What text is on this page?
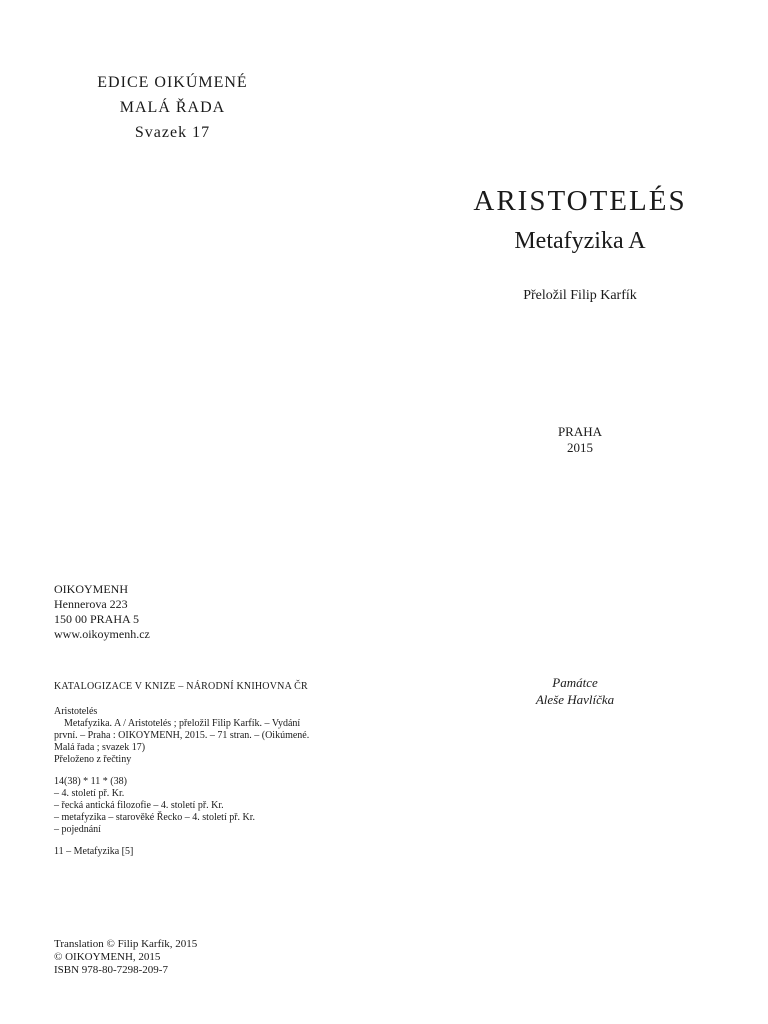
EDICE OIKÚMENÉ
MALÁ ŘADA
Svazek 17
ARISTOTELÉS
Metafyzika A
Přeložil Filip Karfík
PRAHA
2015
OIKOYMENH
Hennerova 223
150 00 PRAHA 5
www.oikoymenh.cz
KATALOGIZACE V KNIZE – NÁRODNÍ KNIHOVNA ČR
Aristotelés
Metafyzika. A / Aristotelés ; přeložil Filip Karfík. – Vydání
první. – Praha : OIKOYMENH, 2015. – 71 stran. – (Oikúmené.
Malá řada ; svazek 17)
Přeloženo z řečtiny
14(38) * 11 * (38)
– 4. století př. Kr.
– řecká antická filozofie – 4. století př. Kr.
– metafyzika – starověké Řecko – 4. století př. Kr.
– pojednání
11 – Metafyzika [5]
Památce
Aleše Havlíčka
Translation © Filip Karfík, 2015
© OIKOYMENH, 2015
ISBN 978-80-7298-209-7
